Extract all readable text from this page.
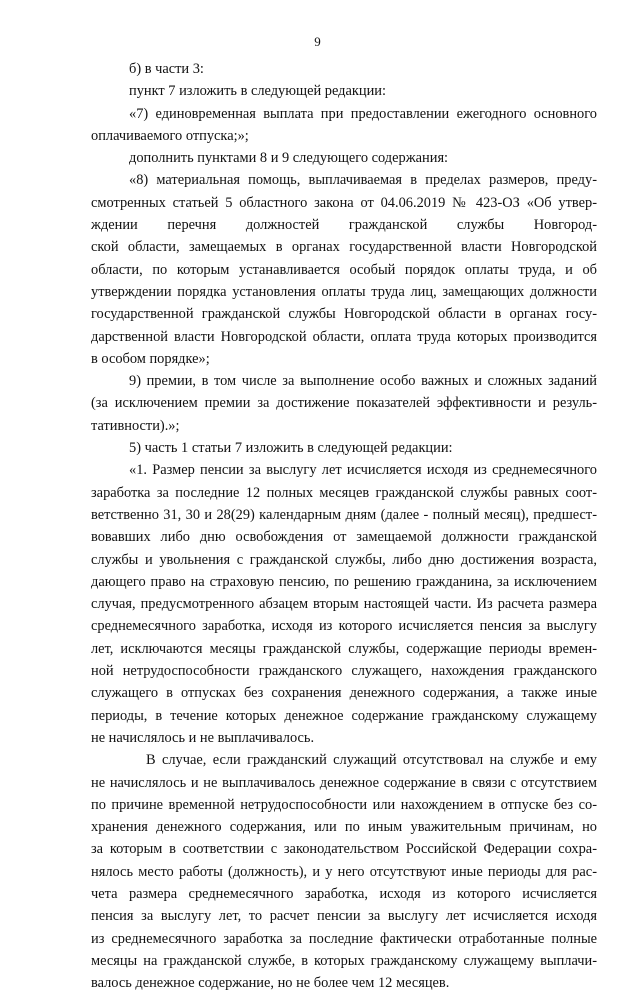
9
б) в части 3:
пункт 7 изложить в следующей редакции:
«7) единовременная выплата при предоставлении ежегодного основного
оплачиваемого отпуска;»;
дополнить пунктами 8 и 9 следующего содержания:
«8) материальная помощь, выплачиваемая в пределах размеров, преду-
смотренных статьей 5 областного закона от 04.06.2019 № 423-ОЗ «Об утвер-
ждении перечня должностей гражданской службы Новгород-
ской области, замещаемых в органах государственной власти Новгородской
области, по которым устанавливается особый порядок оплаты труда, и об
утверждении порядка установления оплаты труда лиц, замещающих должности
государственной гражданской службы Новгородской области в органах госу-
дарственной власти Новгородской области, оплата труда которых производится
в особом порядке»;
9) премии, в том числе за выполнение особо важных и сложных заданий
(за исключением премии за достижение показателей эффективности и резуль-
тативности).»;
5) часть 1 статьи 7 изложить в следующей редакции:
«1. Размер пенсии за выслугу лет исчисляется исходя из среднемесячного
заработка за последние 12 полных месяцев гражданской службы равных соот-
ветственно 31, 30 и 28(29) календарным дням (далее - полный месяц), предшест-
вовавших либо дню освобождения от замещаемой должности гражданской
службы и увольнения с гражданской службы, либо дню достижения возраста,
дающего право на страховую пенсию, по решению гражданина, за исключением
случая, предусмотренного абзацем вторым настоящей части. Из расчета размера
среднемесячного заработка, исходя из которого исчисляется пенсия за выслугу
лет, исключаются месяцы гражданской службы, содержащие периоды времен-
ной нетрудоспособности гражданского служащего, нахождения гражданского
служащего в отпусках без сохранения денежного содержания, а также иные
периоды, в течение которых денежное содержание гражданскому служащему
не начислялось и не выплачивалось.
В случае, если гражданский служащий отсутствовал на службе и ему
не начислялось и не выплачивалось денежное содержание в связи с отсутствием
по причине временной нетрудоспособности или нахождением в отпуске без со-
хранения денежного содержания, или по иным уважительным причинам, но
за которым в соответствии с законодательством Российской Федерации сохра-
нялось место работы (должность), и у него отсутствуют иные периоды для рас-
чета размера среднемесячного заработка, исходя из которого исчисляется
пенсия за выслугу лет, то расчет пенсии за выслугу лет исчисляется исходя
из среднемесячного заработка за последние фактически отработанные полные
месяцы на гражданской службе, в которых гражданскому служащему выплачи-
валось денежное содержание, но не более чем 12 месяцев.
